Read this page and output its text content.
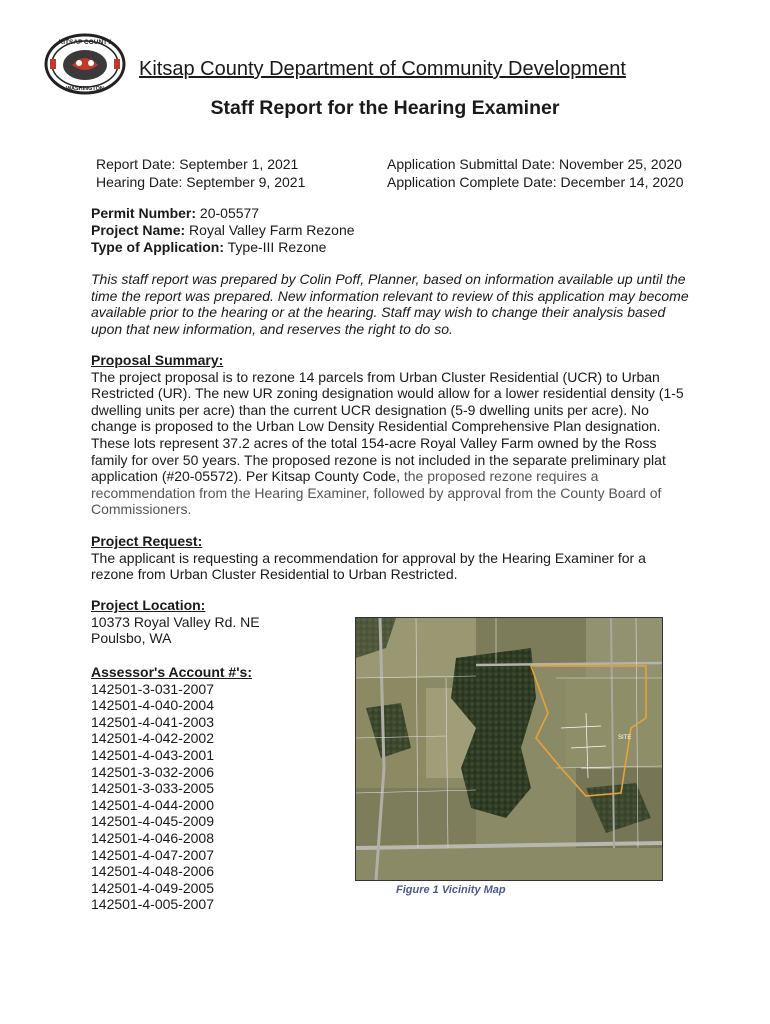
KITSAP COUNTY
WASHINGTON
Kitsap County Department of Community Development
Staff Report for the Hearing Examiner
Report Date: September 1, 2021
Hearing Date: September 9, 2021
Application Submittal Date: November 25, 2020
Application Complete Date: December 14, 2020
Permit Number: 20-05577
Project Name: Royal Valley Farm Rezone
Type of Application: Type-III Rezone
This staff report was prepared by Colin Poff, Planner, based on information available up until the time the report was prepared. New information relevant to review of this application may become available prior to the hearing or at the hearing. Staff may wish to change their analysis based upon that new information, and reserves the right to do so.
Proposal Summary:
The project proposal is to rezone 14 parcels from Urban Cluster Residential (UCR) to Urban Restricted (UR). The new UR zoning designation would allow for a lower residential density (1-5 dwelling units per acre) than the current UCR designation (5-9 dwelling units per acre). No change is proposed to the Urban Low Density Residential Comprehensive Plan designation. These lots represent 37.2 acres of the total 154-acre Royal Valley Farm owned by the Ross family for over 50 years. The proposed rezone is not included in the separate preliminary plat application (#20-05572). Per Kitsap County Code, the proposed rezone requires a recommendation from the Hearing Examiner, followed by approval from the County Board of Commissioners.
Project Request:
The applicant is requesting a recommendation for approval by the Hearing Examiner for a rezone from Urban Cluster Residential to Urban Restricted.
Project Location:
10373 Royal Valley Rd. NE
Poulsbo, WA
Assessor's Account #'s:
142501-3-031-2007
142501-4-040-2004
142501-4-041-2003
142501-4-042-2002
142501-4-043-2001
142501-3-032-2006
142501-3-033-2005
142501-4-044-2000
142501-4-045-2009
142501-4-046-2008
142501-4-047-2007
142501-4-048-2006
142501-4-049-2005
142501-4-005-2007
SITE
Figure 1 Vicinity Map
